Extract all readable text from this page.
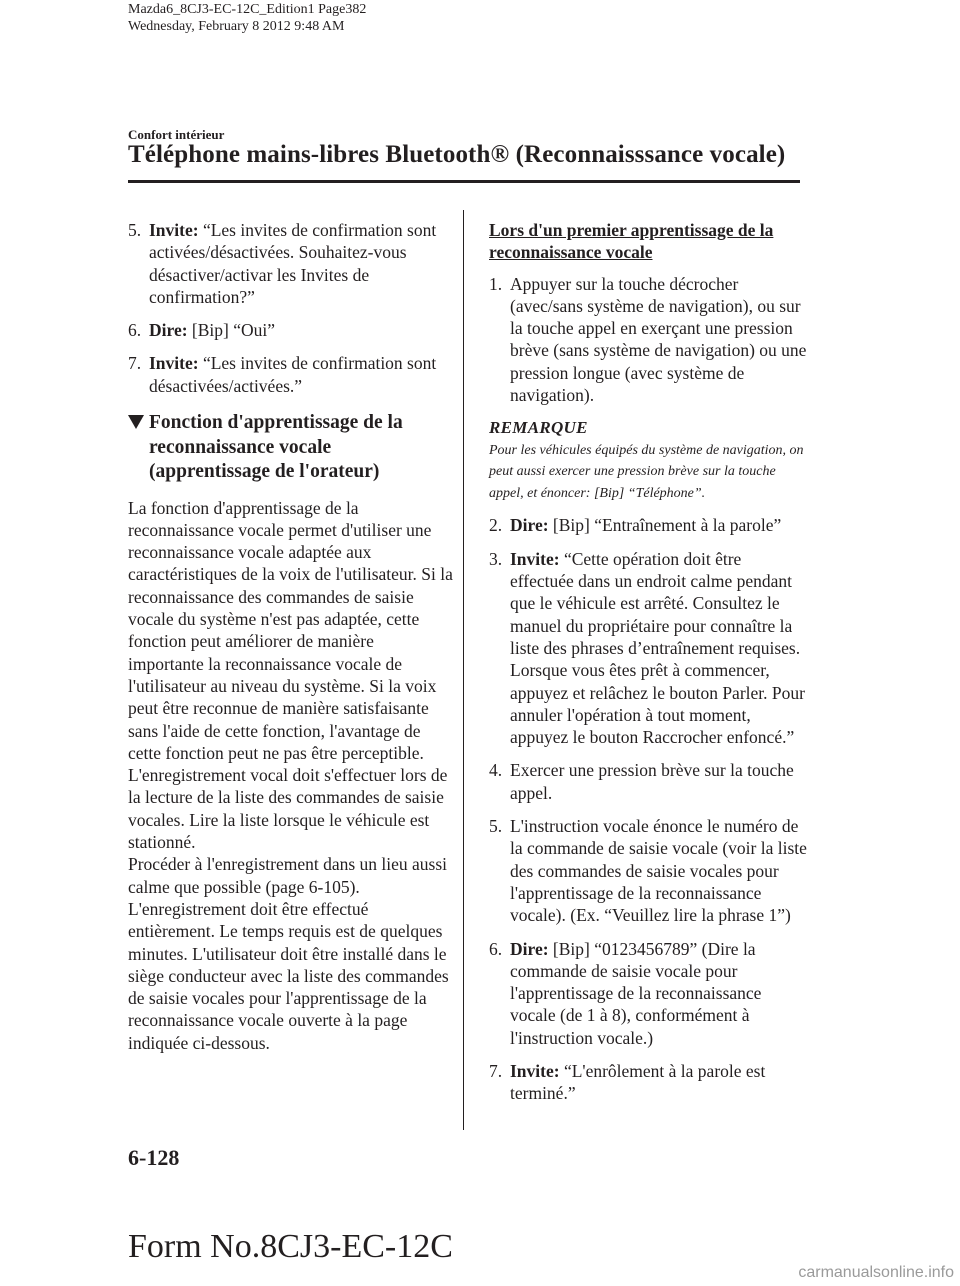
Mazda6_8CJ3-EC-12C_Edition1 Page382
Wednesday, February 8 2012 9:48 AM
Confort intérieur
Téléphone mains-libres Bluetooth® (Reconnaisssance vocale)
5. Invite: “Les invites de confirmation sont activées/désactivées. Souhaitez-vous désactiver/activar les Invites de confirmation?”
6. Dire: [Bip] “Oui”
7. Invite: “Les invites de confirmation sont désactivées/activées.”
Fonction d'apprentissage de la reconnaissance vocale (apprentissage de l'orateur)

La fonction d'apprentissage de la reconnaissance vocale permet d'utiliser une reconnaissance vocale adaptée aux caractéristiques de la voix de l'utilisateur. Si la reconnaissance des commandes de saisie vocale du système n'est pas adaptée, cette fonction peut améliorer de manière importante la reconnaissance vocale de l'utilisateur au niveau du système. Si la voix peut être reconnue de manière satisfaisante sans l'aide de cette fonction, l'avantage de cette fonction peut ne pas être perceptible.

L'enregistrement vocal doit s'effectuer lors de la lecture de la liste des commandes de saisie vocales. Lire la liste lorsque le véhicule est stationné.

Procéder à l'enregistrement dans un lieu aussi calme que possible (page 6-105).

L'enregistrement doit être effectué entièrement. Le temps requis est de quelques minutes. L'utilisateur doit être installé dans le siège conducteur avec la liste des commandes de saisie vocales pour l'apprentissage de la reconnaissance vocale ouverte à la page indiquée ci-dessous.

Lors d'un premier apprentissage de la reconnaissance vocale
1. Appuyer sur la touche décrocher (avec/sans système de navigation), ou sur la touche appel en exerçant une pression brève (sans système de navigation) ou une pression longue (avec système de navigation).
REMARQUE
Pour les véhicules équipés du système de navigation, on peut aussi exercer une pression brève sur la touche appel, et énoncer: [Bip] “Téléphone”.
2. Dire: [Bip] “Entraînement à la parole”
3. Invite: “Cette opération doit être effectuée dans un endroit calme pendant que le véhicule est arrêté. Consultez le manuel du propriétaire pour connaître la liste des phrases d’entraînement requises. Lorsque vous êtes prêt à commencer, appuyez et relâchez le bouton Parler. Pour annuler l'opération à tout moment, appuyez le bouton Raccrocher enfoncé.”
4. Exercer une pression brève sur la touche appel.
5. L'instruction vocale énonce le numéro de la commande de saisie vocale (voir la liste des commandes de saisie vocales pour l'apprentissage de la reconnaissance vocale). (Ex. “Veuillez lire la phrase 1”)
6. Dire: [Bip] “0123456789” (Dire la commande de saisie vocale pour l'apprentissage de la reconnaissance vocale (de 1 à 8), conformément à l'instruction vocale.)
7. Invite: “L'enrôlement à la parole est terminé.”
6-128
Form No.8CJ3-EC-12C
carmanualsonline.info
